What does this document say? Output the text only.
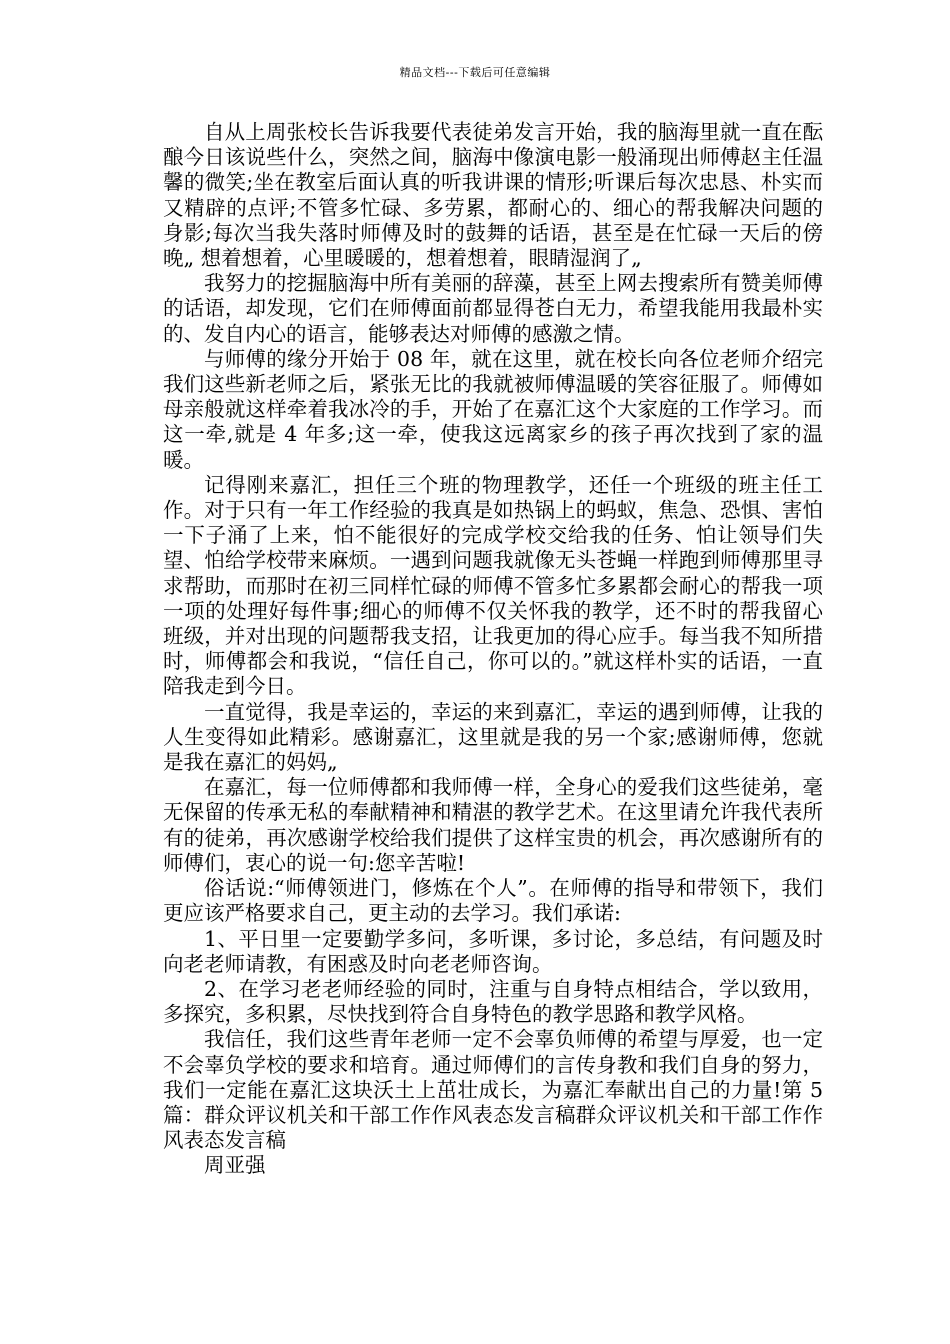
精品文档---下载后可任意编辑

自从上周张校长告诉我要代表徒弟发言开始，我的脑海里就一直在酝酿今日该说些什么，突然之间，脑海中像演电影一般涌现出师傅赵主任温馨的微笑;坐在教室后面认真的听我讲课的情形;听课后每次忠恳、朴实而又精辟的点评;不管多忙碌、多劳累，都耐心的、细心的帮我解决问题的身影;每次当我失落时师傅及时的鼓舞的话语，甚至是在忙碌一天后的傍晚„ 想着想着，心里暖暖的，想着想着，眼睛湿润了„

我努力的挖掘脑海中所有美丽的辞藻，甚至上网去搜索所有赞美师傅的话语，却发现，它们在师傅面前都显得苍白无力，希望我能用我最朴实的、发自内心的语言，能够表达对师傅的感激之情。

与师傅的缘分开始于 08 年，就在这里，就在校长向各位老师介绍完我们这些新老师之后，紧张无比的我就被师傅温暖的笑容征服了。师傅如母亲般就这样牵着我冰冷的手，开始了在嘉汇这个大家庭的工作学习。而这一牵,就是 4 年多;这一牵，使我这远离家乡的孩子再次找到了家的温暖。

记得刚来嘉汇，担任三个班的物理教学，还任一个班级的班主任工作。对于只有一年工作经验的我真是如热锅上的蚂蚁，焦急、恐惧、害怕一下子涌了上来，怕不能很好的完成学校交给我的任务、怕让领导们失望、怕给学校带来麻烦。一遇到问题我就像无头苍蝇一样跑到师傅那里寻求帮助，而那时在初三同样忙碌的师傅不管多忙多累都会耐心的帮我一项一项的处理好每件事;细心的师傅不仅关怀我的教学，还不时的帮我留心班级，并对出现的问题帮我支招，让我更加的得心应手。每当我不知所措时，师傅都会和我说，“信任自己，你可以的。”就这样朴实的话语，一直陪我走到今日。

一直觉得，我是幸运的，幸运的来到嘉汇，幸运的遇到师傅，让我的人生变得如此精彩。感谢嘉汇，这里就是我的另一个家;感谢师傅，您就是我在嘉汇的妈妈„

在嘉汇，每一位师傅都和我师傅一样，全身心的爱我们这些徒弟，毫无保留的传承无私的奉献精神和精湛的教学艺术。在这里请允许我代表所有的徒弟，再次感谢学校给我们提供了这样宝贵的机会，再次感谢所有的师傅们，衷心的说一句:您辛苦啦!

俗话说:“师傅领进门，修炼在个人”。在师傅的指导和带领下，我们更应该严格要求自己，更主动的去学习。我们承诺:

1、平日里一定要勤学多问，多听课，多讨论，多总结，有问题及时向老老师请教，有困惑及时向老老师咨询。

2、在学习老老师经验的同时，注重与自身特点相结合，学以致用，多探究，多积累，尽快找到符合自身特色的教学思路和教学风格。

我信任，我们这些青年老师一定不会辜负师傅的希望与厚爱，也一定不会辜负学校的要求和培育。通过师傅们的言传身教和我们自身的努力，我们一定能在嘉汇这块沃土上茁壮成长，为嘉汇奉献出自己的力量!第 5 篇：群众评议机关和干部工作作风表态发言稿群众评议机关和干部工作作风表态发言稿

周亚强
